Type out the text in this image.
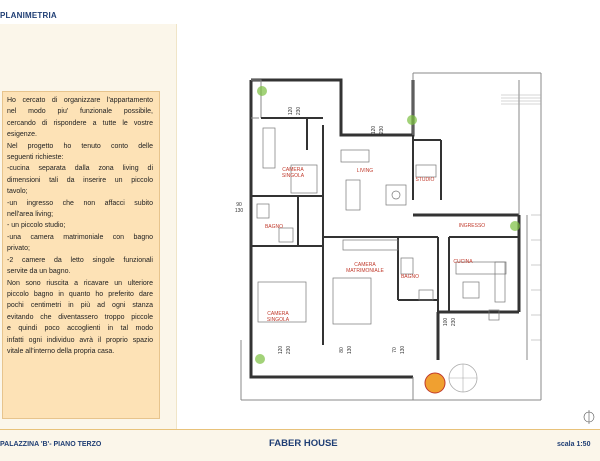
PLANIMETRIA
Ho cercato di organizzare l'appartamento
nel modo piu' funzionale possibile,
cercando di rispondere a tutte le vostre
esigenze.
Nel progetto ho tenuto conto delle
seguenti richieste:
-cucina separata dalla zona living di
dimensioni tali da inserire un piccolo
tavolo;
-un ingresso che non affacci subito
nell'area living;
- un piccolo studio;
-una camera matrimoniale con bagno
privato;
-2 camere da letto singole funzionali
servite da un bagno.
Non sono riuscita a ricavare un ulteriore
piccolo bagno in quanto ho preferito dare
pochi centimetri in più ad ogni stanza
evitando che diventassero troppo piccole
e quindi poco accoglienti in tal modo
infatti ogni individuo avrà il proprio spazio
vitale all'interno della propria casa.
CAMERA
SINGOLA
LIVING
STUDIO
INGRESSO
BAGNO
CAMERA
MATRIMONIALE
BAGNO
CUCINA
CAMERA
SINGOLA
120 230
120 230
90
130
100 230
120 230	80 130	70 130
PALAZZINA 'B'- PIANO TERZO	FABER HOUSE	scala 1:50
